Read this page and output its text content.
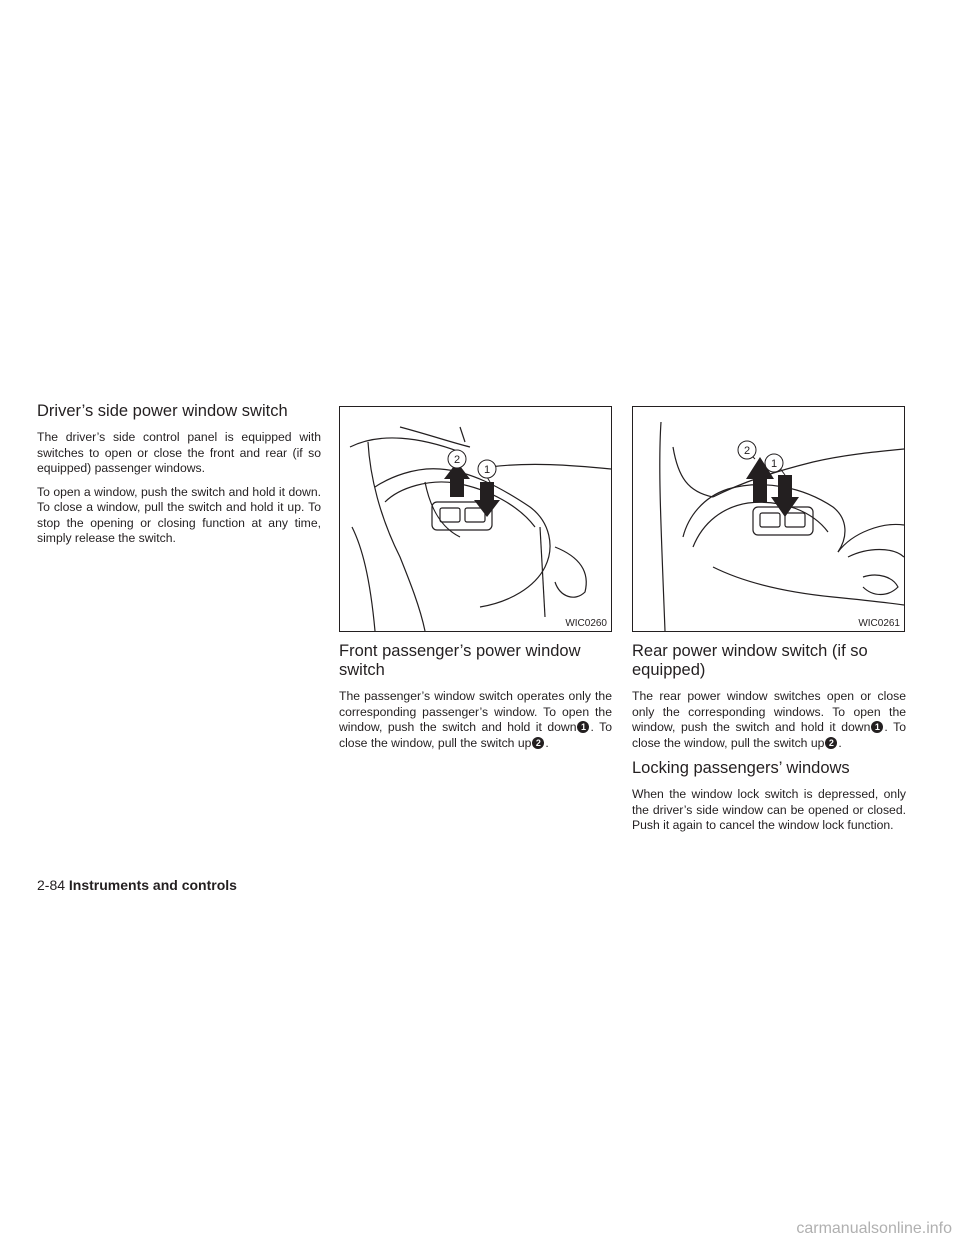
Driver’s side power window switch

The driver’s side control panel is equipped with switches to open or close the front and rear (if so equipped) passenger windows.

To open a window, push the switch and hold it down. To close a window, pull the switch and hold it up. To stop the opening or closing function at any time, simply release the switch.

2
1
WIC0260
Front passenger’s power window switch

The passenger’s window switch operates only the corresponding passenger’s window. To open the window, push the switch and hold it down 1 . To close the window, pull the switch up 2 .

2
1
WIC0261
Rear power window switch (if so equipped)

The rear power window switches open or close only the corresponding windows. To open the window, push the switch and hold it down 1 . To close the window, pull the switch up 2 .

Locking passengers’ windows

When the window lock switch is depressed, only the driver’s side window can be opened or closed. Push it again to cancel the window lock function.

2-84 Instruments and controls
carmanualsonline.info
